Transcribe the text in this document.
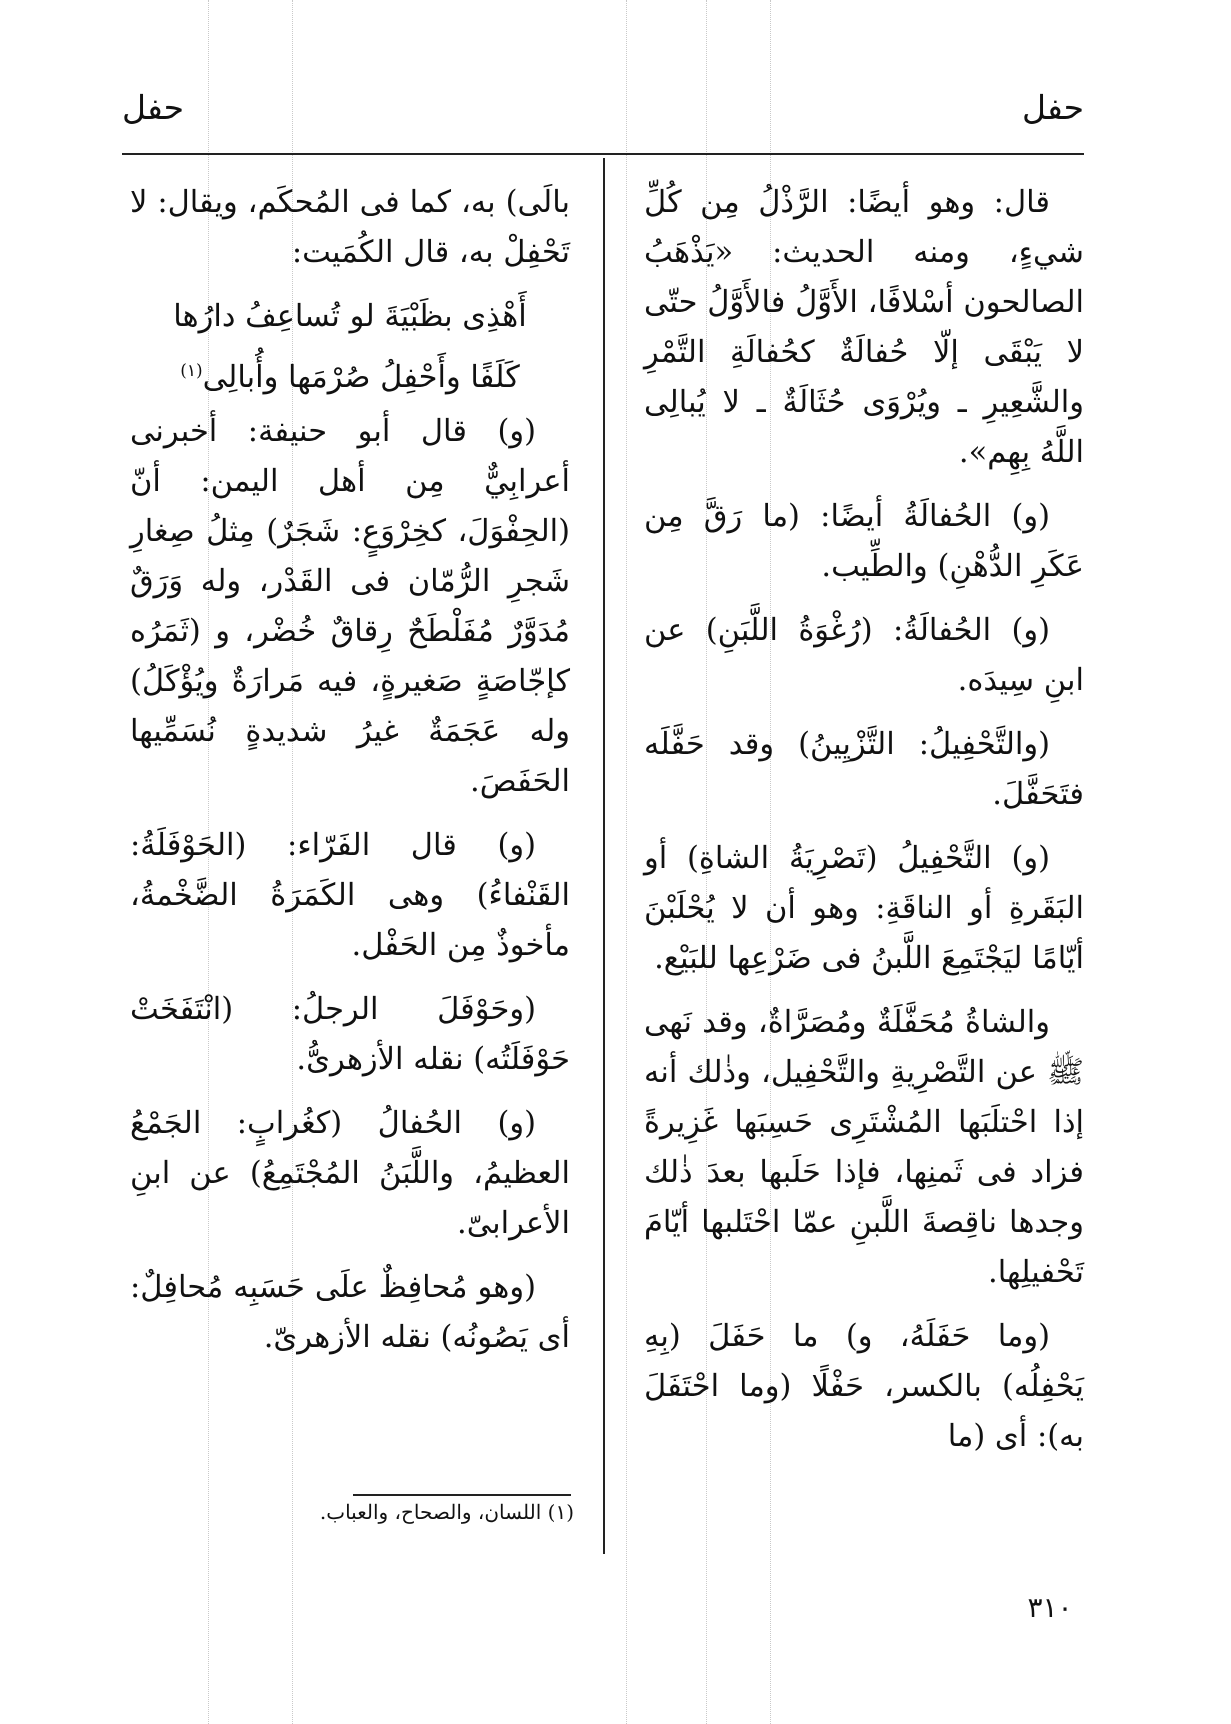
حفل
حفل

قال: وهو أيضًا: الرَّذْلُ مِن كُلِّ شيءٍ، ومنه الحديث: «يَذْهَبُ الصالحون أسْلافًا، الأَوَّلُ فالأَوَّلُ حتّى لا يَبْقَى إلّا حُفالَةٌ كحُفالَةِ التَّمْرِ والشَّعِيرِ ـ ويُرْوَى حُثَالَةٌ ـ لا يُبالِى اللَّهُ بِهِم».

(و) الحُفالَةُ أيضًا: (ما رَقَّ مِن عَكَرِ الدُّهْنِ) والطِّيب.

(و) الحُفالَةُ: (رُغْوَةُ اللَّبَنِ) عن ابنِ سِيدَه.

(والتَّحْفِيلُ: التَّزْيِينُ) وقد حَفَّلَه فتَحَفَّلَ.

(و) التَّحْفِيلُ (تَصْرِيَةُ الشاةِ) أو البَقَرةِ أو الناقَةِ: وهو أن لا يُحْلَبْنَ أيّامًا ليَجْتَمِعَ اللَّبنُ فى ضَرْعِها للبَيْع.

والشاةُ مُحَفَّلَةٌ ومُصَرَّاةٌ، وقد نَهى ﷺ عن التَّصْرِيةِ والتَّحْفِيل، وذٰلك أنه إذا احْتلَبَها المُشْتَرِى حَسِبَها غَزِيرةً فزاد فى ثَمنِها، فإذا حَلَبها بعدَ ذٰلك وجدها ناقِصةَ اللَّبنِ عمّا احْتَلبها أيّامَ تَحْفيلِها.

(وما حَفَلَهُ، و) ما حَفَلَ (بِهِ يَحْفِلُه) بالكسر، حَفْلًا (وما احْتَفَلَ به): أى (ما

بالَى) به، كما فى المُحكَم، ويقال: لا تَحْفِلْ به، قال الكُمَيت:

أَهْذِى بظَبْيَةَ لو تُساعِفُ دارُها
كَلَفًا وأَحْفِلُ صُرْمَها وأُبالِى$^{(١)}$

(و) قال أبو حنيفة: أخبرنى أعرابِيٌّ مِن أهل اليمن: أنّ (الحِفْوَلَ، كخِرْوَعٍ: شَجَرٌ) مِثلُ صِغارِ شَجرِ الرُّمّان فى القَدْر، وله وَرَقٌ مُدَوَّرٌ مُفَلْطَحٌ رِقاقٌ خُضْر، و (ثَمَرُه كإجّاصَةٍ صَغيرةٍ، فيه مَرارَةٌ ويُؤْكَلُ) وله عَجَمَةٌ غيرُ شديدةٍ نُسَمِّيها الحَفَصَ.

(و) قال الفَرّاء: (الحَوْفَلَةُ: القَنْفاءُ) وهى الكَمَرَةُ الضَّخْمةُ، مأخوذٌ مِن الحَفْل.

(وحَوْفَلَ الرجلُ: (انْتَفَخَتْ حَوْفَلَتُه) نقله الأزهرىُّ.

(و) الحُفالُ (كغُرابٍ: الجَمْعُ العظيمُ، واللَّبَنُ المُجْتَمِعُ) عن ابنِ الأعرابىّ.

(وهو مُحافِظٌ علَى حَسَبِه مُحافِلٌ: أى يَصُونُه) نقله الأزهرىّ.

(١) اللسان، والصحاح، والعباب.
٣١٠
